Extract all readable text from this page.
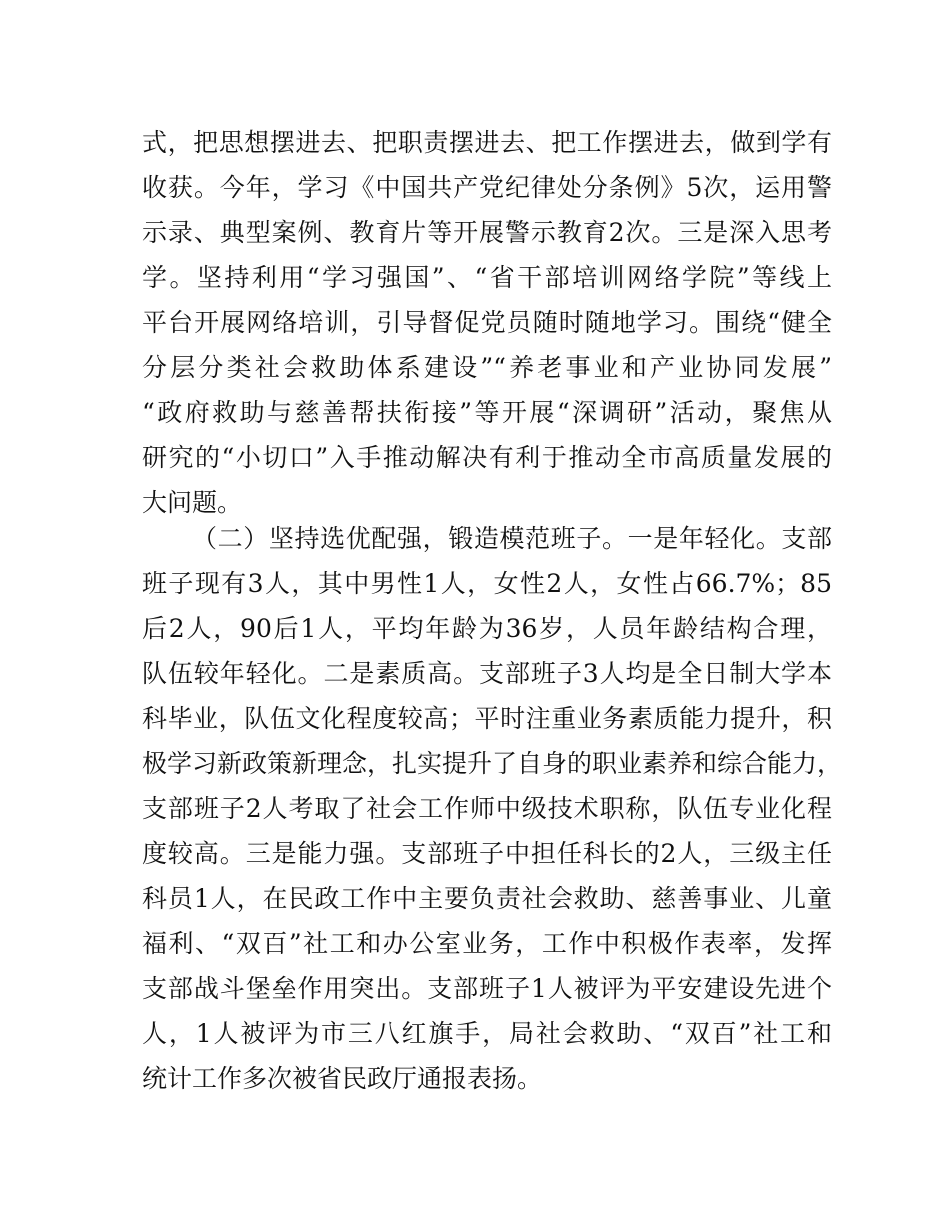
式，把思想摆进去、把职责摆进去、把工作摆进去，做到学有
收获。今年，学习《中国共产党纪律处分条例》5次，运用警
示录、典型案例、教育片等开展警示教育2次。三是深入思考
学。坚持利用“学习强国”、“省干部培训网络学院”等线上
平台开展网络培训，引导督促党员随时随地学习。围绕“健全
分层分类社会救助体系建设”“养老事业和产业协同发展”
“政府救助与慈善帮扶衔接”等开展“深调研”活动，聚焦从
研究的“小切口”入手推动解决有利于推动全市高质量发展的
大问题。
（二）坚持选优配强，锻造模范班子。一是年轻化。支部
班子现有3人，其中男性1人，女性2人，女性占66.7%；85
后2人，90后1人，平均年龄为36岁，人员年龄结构合理，
队伍较年轻化。二是素质高。支部班子3人均是全日制大学本
科毕业，队伍文化程度较高；平时注重业务素质能力提升，积
极学习新政策新理念，扎实提升了自身的职业素养和综合能力，
支部班子2人考取了社会工作师中级技术职称，队伍专业化程
度较高。三是能力强。支部班子中担任科长的2人，三级主任
科员1人，在民政工作中主要负责社会救助、慈善事业、儿童
福利、“双百”社工和办公室业务，工作中积极作表率，发挥
支部战斗堡垒作用突出。支部班子1人被评为平安建设先进个
人，1人被评为市三八红旗手，局社会救助、“双百”社工和
统计工作多次被省民政厅通报表扬。
